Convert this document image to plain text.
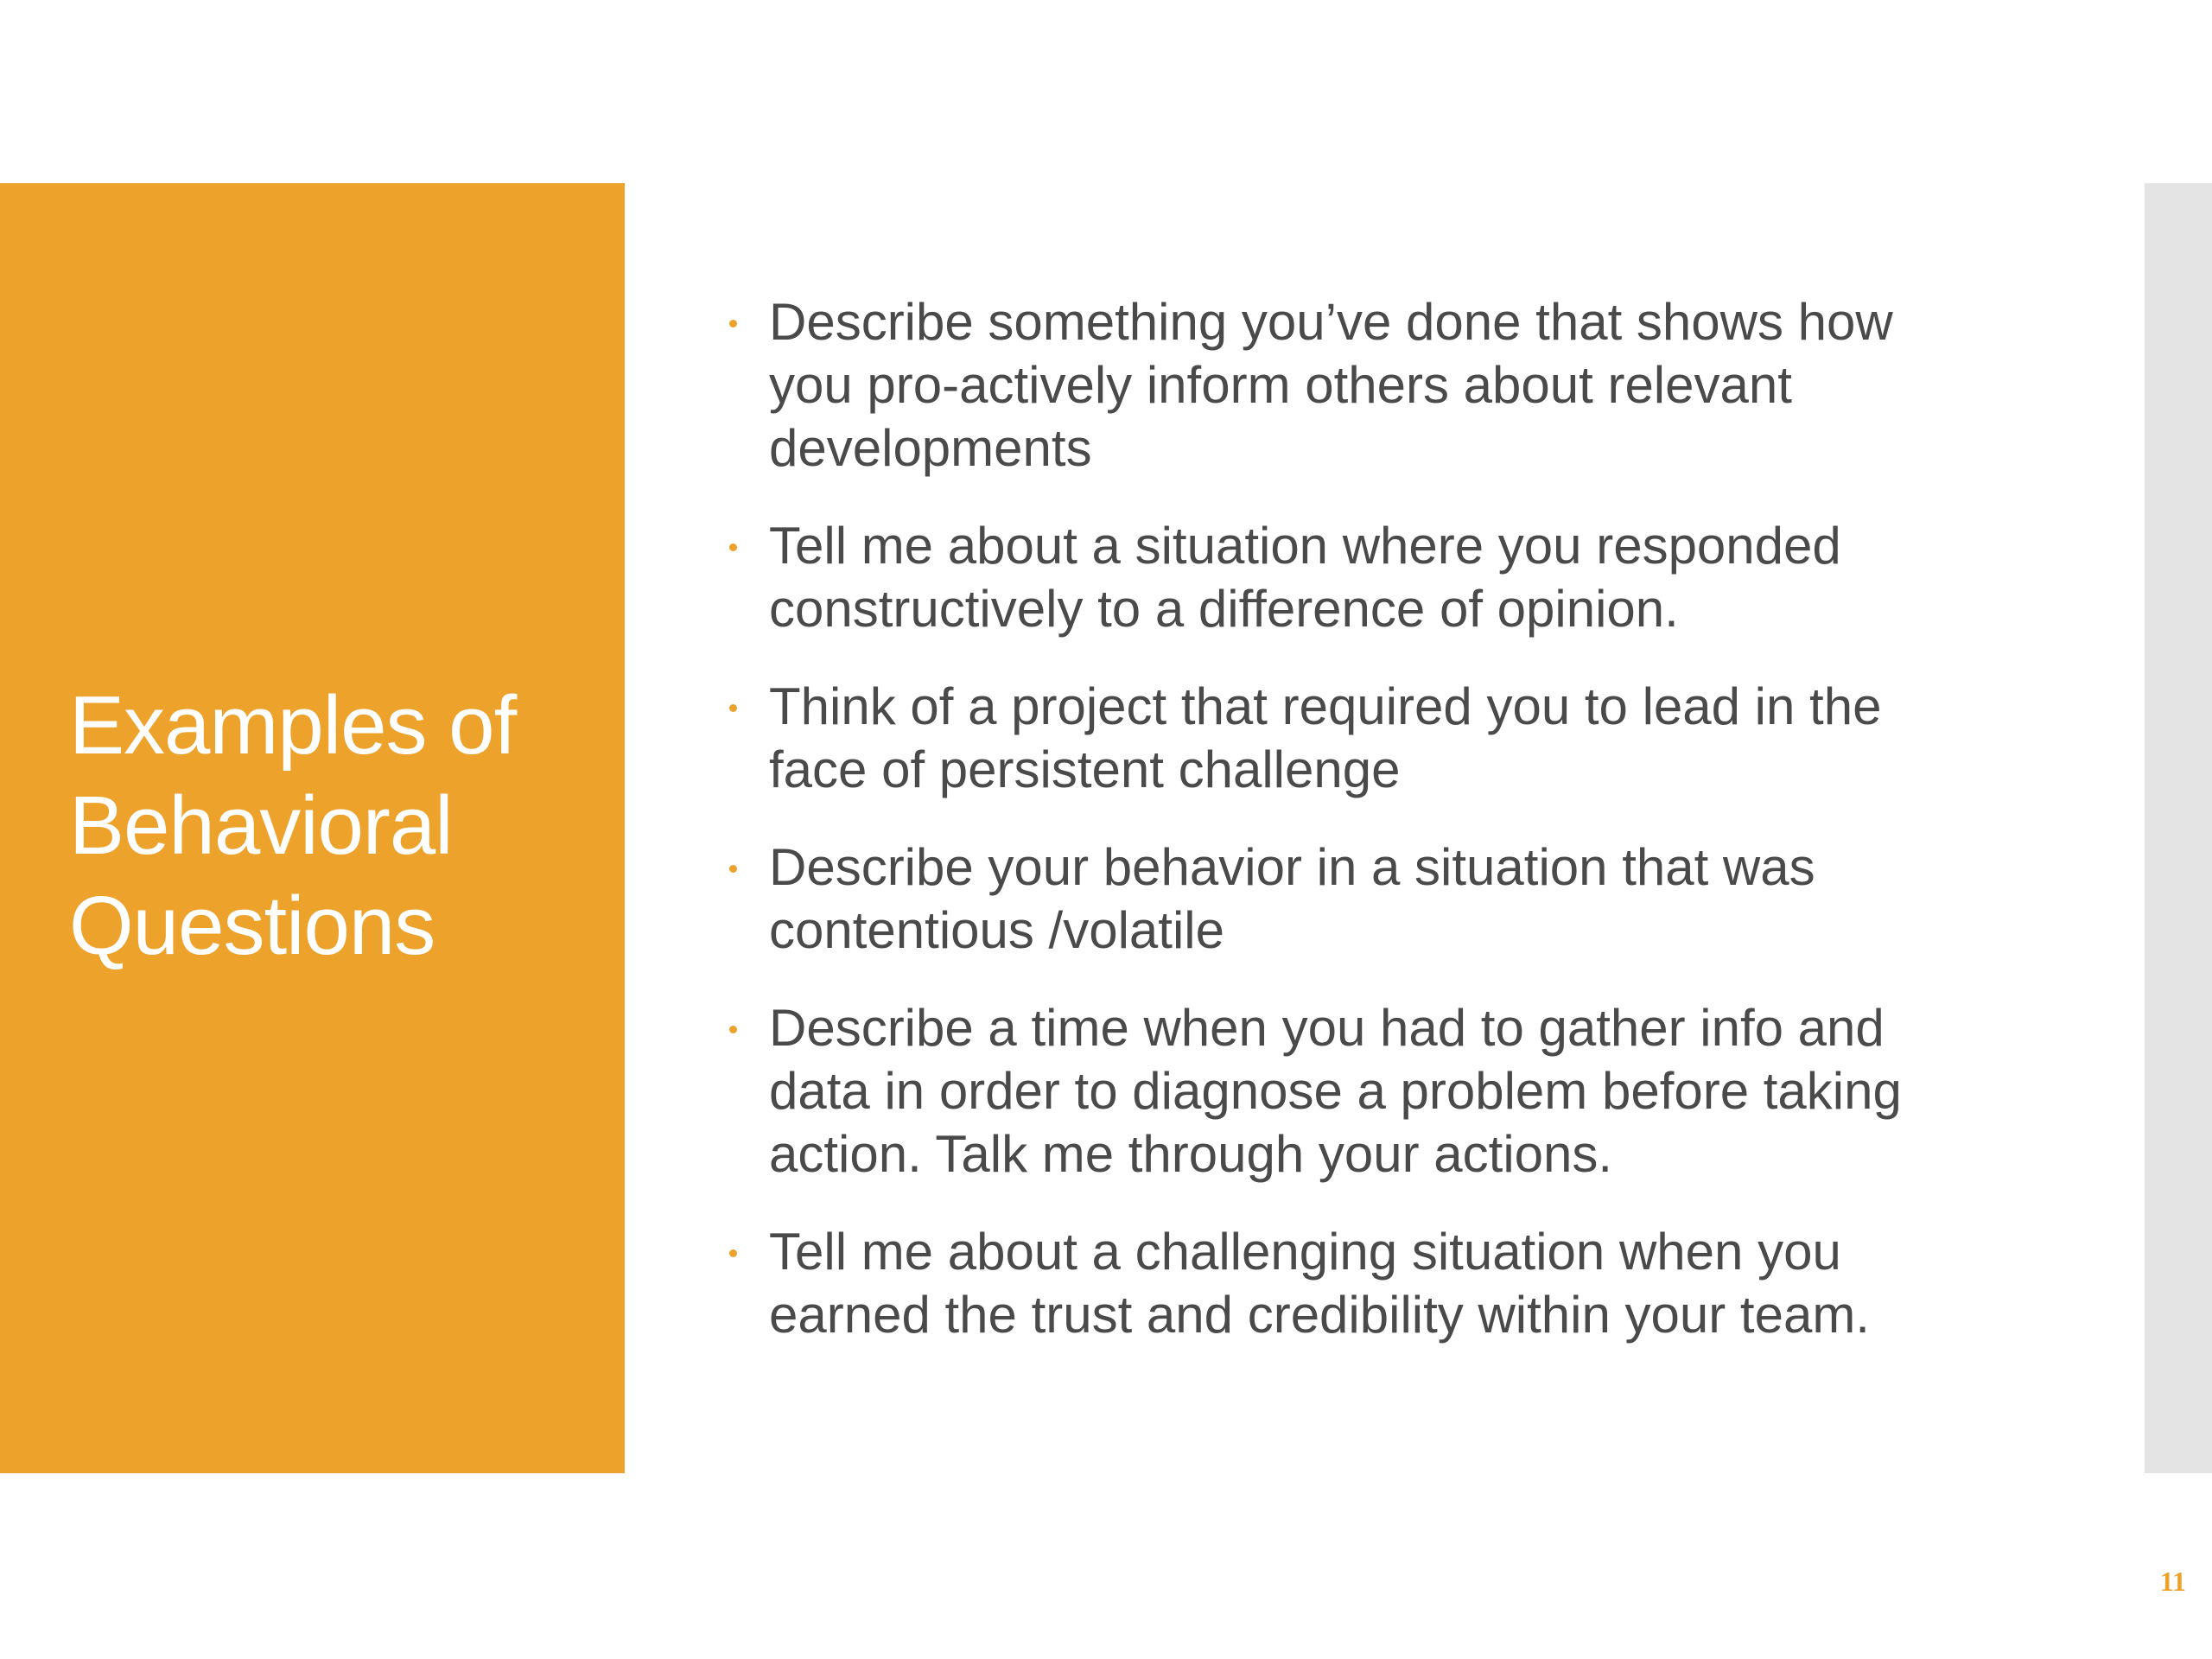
Examples of
Behavioral
Questions
Describe something you’ve done that shows how
you pro-actively inform others about relevant
developments
Tell me about a situation where you responded
constructively to a difference of opinion.
Think of a project that required you to lead in the
face of persistent challenge
Describe your behavior in a situation that was
contentious /volatile
Describe a time when you had to gather info and
data in order to diagnose a problem before taking
action. Talk me through your actions.
Tell me about a challenging situation when you
earned the trust and credibility within your team.
11
